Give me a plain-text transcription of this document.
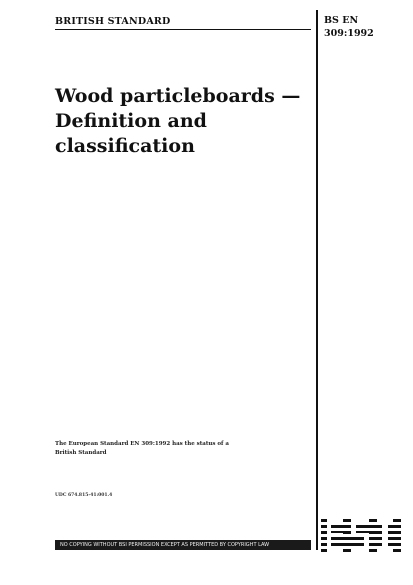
BRITISH STANDARD	BS EN
309:1992
Wood particleboards —
Definition and
classification
The European Standard EN 309:1992 has the status of a
British Standard
UDC 674.815-41:001.4
NO COPYING WITHOUT BSI PERMISSION EXCEPT AS PERMITTED BY COPYRIGHT LAW
